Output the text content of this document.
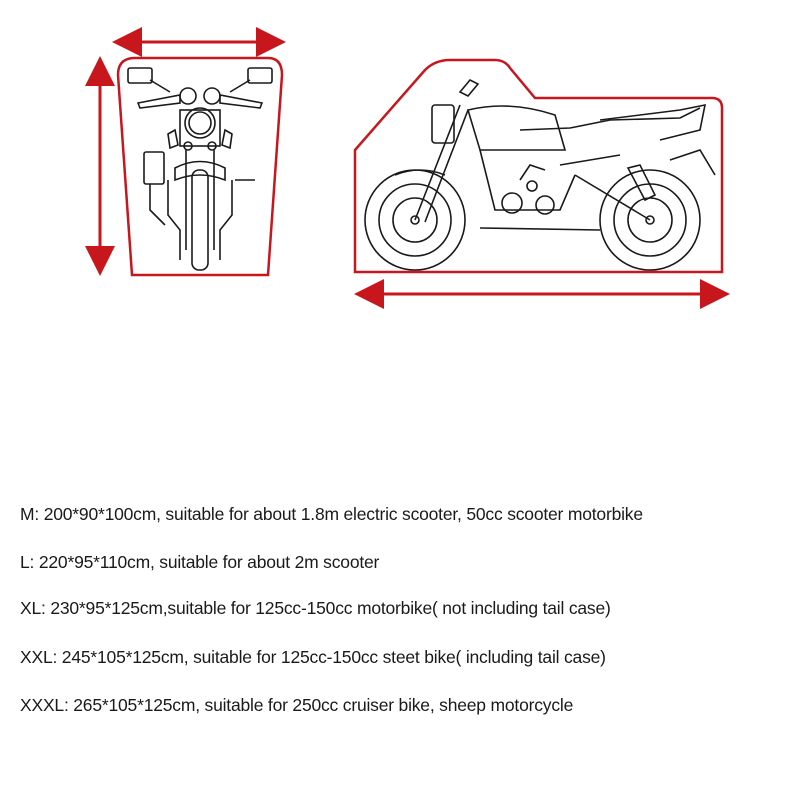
M: 200*90*100cm, suitable for about 1.8m electric scooter, 50cc scooter motorbike
L: 220*95*110cm, suitable for about 2m scooter
XL: 230*95*125cm,suitable for 125cc-150cc motorbike( not including tail case)
XXL: 245*105*125cm, suitable for 125cc-150cc steet bike( including tail case)
XXXL: 265*105*125cm, suitable for 250cc cruiser bike, sheep motorcycle
